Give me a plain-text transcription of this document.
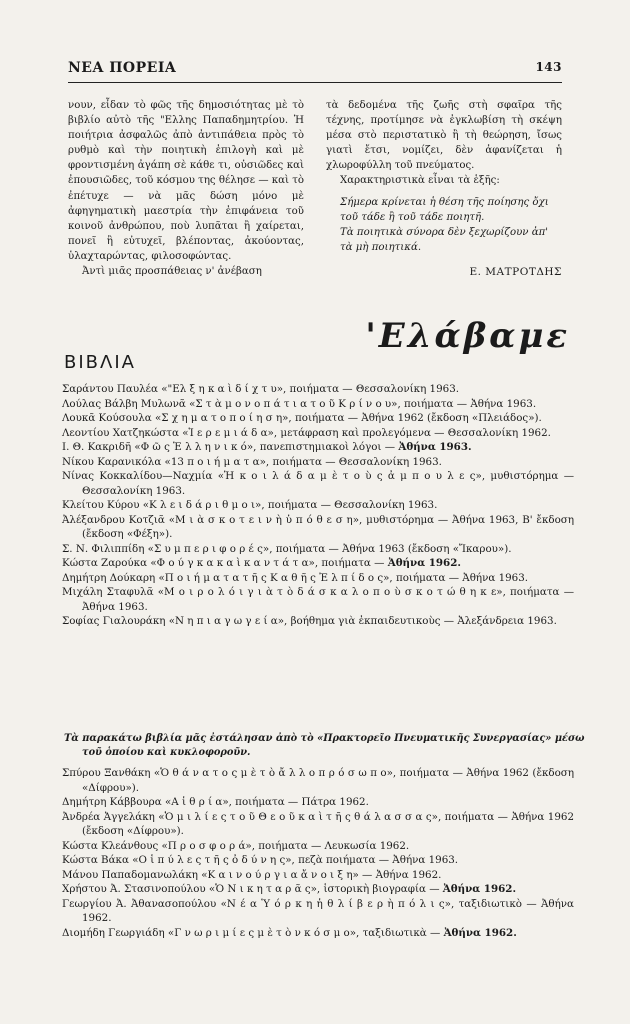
ΝΕΑ ΠΟΡΕΙΑ	143

νουν, εἶδαν τὸ φῶς τῆς δημοσιότητας μὲ τὸ βιβλίο αὐτὸ τῆς "Ελλης Παπαδημητρίου. Ἡ ποιήτρια ἀσφαλῶς ἀπὸ ἀντιπάθεια πρὸς τὸ ρυθμὸ καὶ τὴν ποιητικὴ ἐπιλογὴ καὶ μὲ φροντισμένη ἀγάπη σὲ κάθε τι, οὐσιῶδες καὶ ἐπουσιῶδες, τοῦ κόσμου της θέλησε — καὶ τὸ ἐπέτυχε — νὰ μᾶς δώση μόνο μὲ ἀφηγηματικὴ μαεστρία τὴν ἐπιφάνεια τοῦ κοινοῦ ἀνθρώπου, ποὺ λυπᾶται ἢ χαίρεται, πονεῖ ἢ εὐτυχεῖ, βλέποντας, ἀκούοντας, ὑλαχταρώντας, φιλοσοφώντας.

Ἀντὶ μιᾶς προσπάθειας ν' ἀνέβαση

τὰ δεδομένα τῆς ζωῆς στὴ σφαῖρα τῆς τέχνης, προτίμησε νὰ ἐγκλωβίση τὴ σκέψη μέσα στὸ περιστατικὸ ἢ τὴ θεώρηση, ἴσως γιατὶ ἔτσι, νομίζει, δὲν ἀφανίζεται ἡ χλωροφύλλη τοῦ πνεύματος.

Χαρακτηριστικὰ εἶναι τὰ ἑξῆς:

Σήμερα κρίνεται ἡ θέση τῆς ποίησης ὄχι τοῦ τάδε ἢ τοῦ τάδε ποιητῆ.

Τὰ ποιητικὰ σύνορα δὲν ξεχωρίζουν ἀπ' τὰ μὴ ποιητικά.

Ε. ΜΑΤΡΟΤΔΗΣ

'Ελάβαμε
ΒΙΒΛΙΑ

Σαράντου Παυλέα «"Ελ ξ η κ α ὶ δ ί χ τ υ», ποιήματα — Θεσσαλονίκη 1963.

Λούλας Βάλβη Μυλωνᾶ «Σ τ ὰ μ ο ν ο π ά τ ι α τ ο ῦ Κ ρ ί ν ο υ», ποιήματα — Ἀθήνα 1963.

Λουκᾶ Κούσουλα «Σ χ η μ α τ ο π ο ί η σ η», ποιήματα — Ἀθήνα 1962 (ἔκδοση «Πλειάδος»).

Λεοντίου Χατζηκώστα «Ἱ ε ρ ε μ ι ά δ α», μετάφραση καὶ προλεγόμενα — Θεσσαλονίκη 1962.

Ι. Θ. Κακριδῆ «Φ ῶ ς Ἑ λ λ η ν ι κ ό», πανεπιστημιακοὶ λόγοι — Ἀθήνα 1963.

Νίκου Καρανικόλα «13 π ο ι ή μ α τ α», ποιήματα — Θεσσαλονίκη 1963.

Νίνας Κοκκαλίδου—Ναχμία «Ἡ κ ο ι λ ά δ α μ ὲ τ ο ὺ ς ἀ μ π ο υ λ ε ς», μυθιστόρημα — Θεσσαλονίκη 1963.

Κλείτου Κύρου «Κ λ ε ι δ ά ρ ι θ μ ο ι», ποιήματα — Θεσσαλονίκη 1963.

Ἀλέξανδρου Κοτζιᾶ «Μ ι ὰ σ κ ο τ ε ι ν ὴ ὑ π ό θ ε σ η», μυθιστόρημα — Ἀθήνα 1963, Β' ἔκδοση (ἔκδοση «Φέξη»).

Σ. Ν. Φιλιππίδη «Σ υ μ π ε ρ ι φ ο ρ έ ς», ποιήματα — Ἀθήνα 1963 (ἔκδοση «Ἴκαρου»).

Κώστα Ζαρούκα «Φ ο ύ γ κ α κ α ὶ κ α ν τ ά τ α», ποιήματα — Ἀθήνα 1962.

Δημήτρη Δούκαρη «Π ο ι ή μ α τ α τ ῆ ς Κ α θ ῆ ς Ἐ λ π ί δ ο ς», ποιήματα — Ἀθήνα 1963.

Μιχάλη Σταφυλᾶ «Μ ο ι ρ ο λ ό ι γ ι ὰ τ ὸ δ ά σ κ α λ ο π ο ὺ σ κ ο τ ώ θ η κ ε», ποιήματα — Ἀθήνα 1963.

Σοφίας Γιαλουράκη «Ν η π ι α γ ω γ ε ί α», βοήθημα γιὰ ἐκπαιδευτικοὺς — Ἀλεξάνδρεια 1963.

Τὰ παρακάτω βιβλία μᾶς ἐστάλησαν ἀπὸ τὸ «Πρακτορεῖο Πνευματικῆς Συνεργασίας» μέσω τοῦ ὁποίου καὶ κυκλοφοροῦν.

Σπύρου Ξανθάκη «Ὁ θ ά ν α τ ο ς μ ὲ τ ὸ ἄ λ λ ο π ρ ό σ ω π ο», ποιήματα — Ἀθήνα 1962 (ἔκδοση «Δίφρου»).

Δημήτρη Κάββουρα «Α ἱ θ ρ ί α», ποιήματα — Πάτρα 1962.

Ἀνδρέα Ἀγγελάκη «Ὁ μ ι λ ί ε ς τ ο ῦ Θ ε ο ῦ κ α ὶ τ ῆ ς θ ά λ α σ σ α ς», ποιήματα — Ἀθήνα 1962 (ἔκδοση «Δίφρου»).

Κώστα Κλεάνθους «Π ρ ο σ φ ο ρ ά», ποιήματα — Λευκωσία 1962.

Κώστα Βάκα «Ο ἱ π ύ λ ε ς τ ῆ ς ὀ δ ύ ν η ς», πεζὰ ποιήματα — Ἀθήνα 1963.

Μάνου Παπαδομανωλάκη «Κ α ι ν ο ύ ρ γ ι α ἄ ν ο ι ξ η» — Ἀθήνα 1962.

Χρήστου Ἀ. Στασινοπούλου «Ὁ Ν ι κ η τ α ρ ᾶ ς», ἱστορικὴ βιογραφία — Ἀθήνα 1962.

Γεωργίου Ἀ. Ἀθανασοπούλου «Ν έ α Ὑ ό ρ κ η ἡ θ λ ί β ε ρ ὴ π ό λ ι ς», ταξιδιωτικὸ — Ἀθήνα 1962.

Διομήδη Γεωργιάδη «Γ ν ω ρ ι μ ί ε ς μ ὲ τ ὸ ν κ ό σ μ ο», ταξιδιωτικὰ — Ἀθήνα 1962.
